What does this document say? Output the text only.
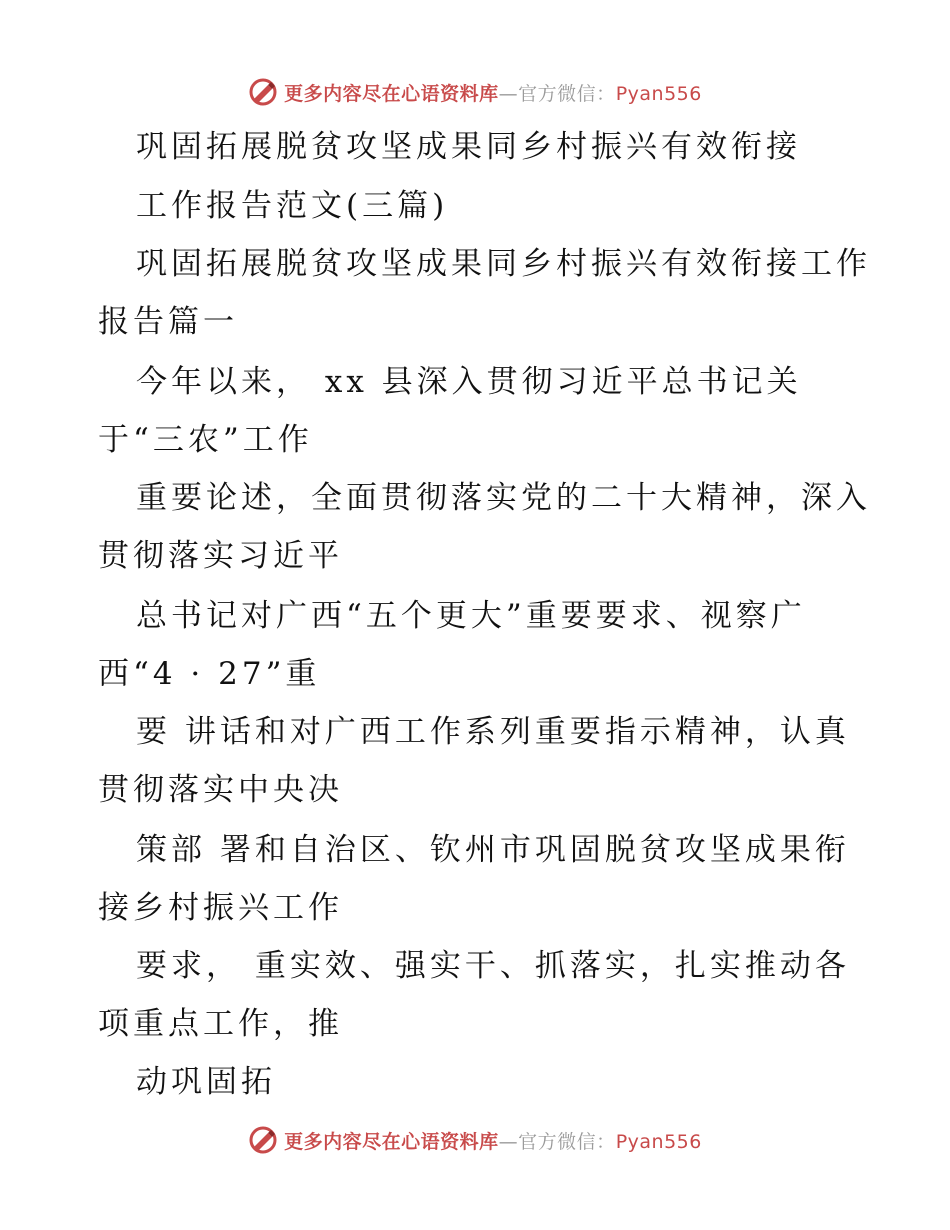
更多内容尽在心语资料库—官方微信：Pyan556
巩固拓展脱贫攻坚成果同乡村振兴有效衔接
工作报告范文(三篇)
巩固拓展脱贫攻坚成果同乡村振兴有效衔接工作
报告篇一
今年以来， xx 县深入贯彻习近平总书记关
于“三农”工作
重要论述，全面贯彻落实党的二十大精神，深入
贯彻落实习近平
总书记对广西“五个更大”重要要求、视察广
西“4 · 27”重
要 讲话和对广西工作系列重要指示精神，认真
贯彻落实中央决
策部 署和自治区、钦州市巩固脱贫攻坚成果衔
接乡村振兴工作
要求， 重实效、强实干、抓落实，扎实推动各
项重点工作，推
动巩固拓
更多内容尽在心语资料库—官方微信：Pyan556
